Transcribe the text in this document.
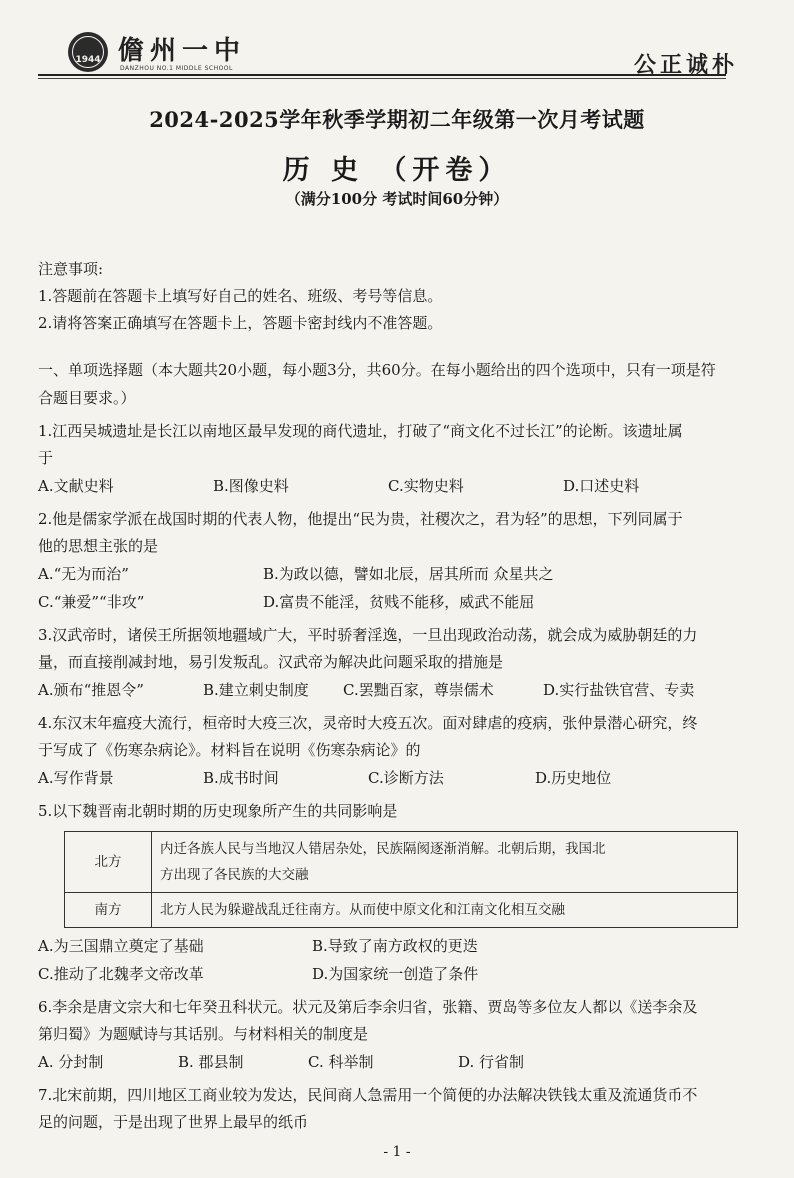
1944 儋州一中
DANZHOU NO.1 MIDDLE SCHOOL	公正诚朴
2024-2025学年秋季学期初二年级第一次月考试题
历 史 （开卷）
（满分100分 考试时间60分钟）

注意事项:

1.答题前在答题卡上填写好自己的姓名、班级、考号等信息。

2.请将答案正确填写在答题卡上，答题卡密封线内不准答题。

一、单项选择题（本大题共20小题，每小题3分，共60分。在每小题给出的四个选项中，只有一项是符
合题目要求。）
1.江西吴城遗址是长江以南地区最早发现的商代遗址，打破了“商文化不过长江”的论断。该遗址属
于
A.文献史料	B.图像史料	C.实物史料	D.口述史料
2.他是儒家学派在战国时期的代表人物，他提出“民为贵，社稷次之，君为轻”的思想，下列同属于
他的思想主张的是
A.“无为而治”	B.为政以德，譬如北辰，居其所而 众星共之
C.“兼爱”“非攻”	D.富贵不能淫，贫贱不能移，威武不能屈
3.汉武帝时，诸侯王所据领地疆域广大，平时骄奢淫逸，一旦出现政治动荡，就会成为威胁朝廷的力
量，而直接削减封地，易引发叛乱。汉武帝为解决此问题采取的措施是
A.颁布“推恩令”	B.建立刺史制度	C.罢黜百家，尊崇儒术	D.实行盐铁官营、专卖
4.东汉末年瘟疫大流行，桓帝时大疫三次，灵帝时大疫五次。面对肆虐的疫病，张仲景潜心研究，终
于写成了《伤寒杂病论》。材料旨在说明《伤寒杂病论》的
A.写作背景	B.成书时间	C.诊断方法	D.历史地位
5.以下魏晋南北朝时期的历史现象所产生的共同影响是
北方	内迁各族人民与当地汉人错居杂处，民族隔阂逐渐消解。北朝后期，我国北
方出现了各民族的大交融

南方	北方人民为躲避战乱迁往南方。从而使中原文化和江南文化相互交融
A.为三国鼎立奠定了基础	B.导致了南方政权的更迭
C.推动了北魏孝文帝改革	D.为国家统一创造了条件
6.李余是唐文宗大和七年癸丑科状元。状元及第后李余归省，张籍、贾岛等多位友人都以《送李余及
第归蜀》为题赋诗与其话别。与材料相关的制度是
A. 分封制	B. 郡县制	C. 科举制	D. 行省制
7.北宋前期，四川地区工商业较为发达，民间商人急需用一个简便的办法解决铁钱太重及流通货币不
足的问题，于是出现了世界上最早的纸币
- 1 -
